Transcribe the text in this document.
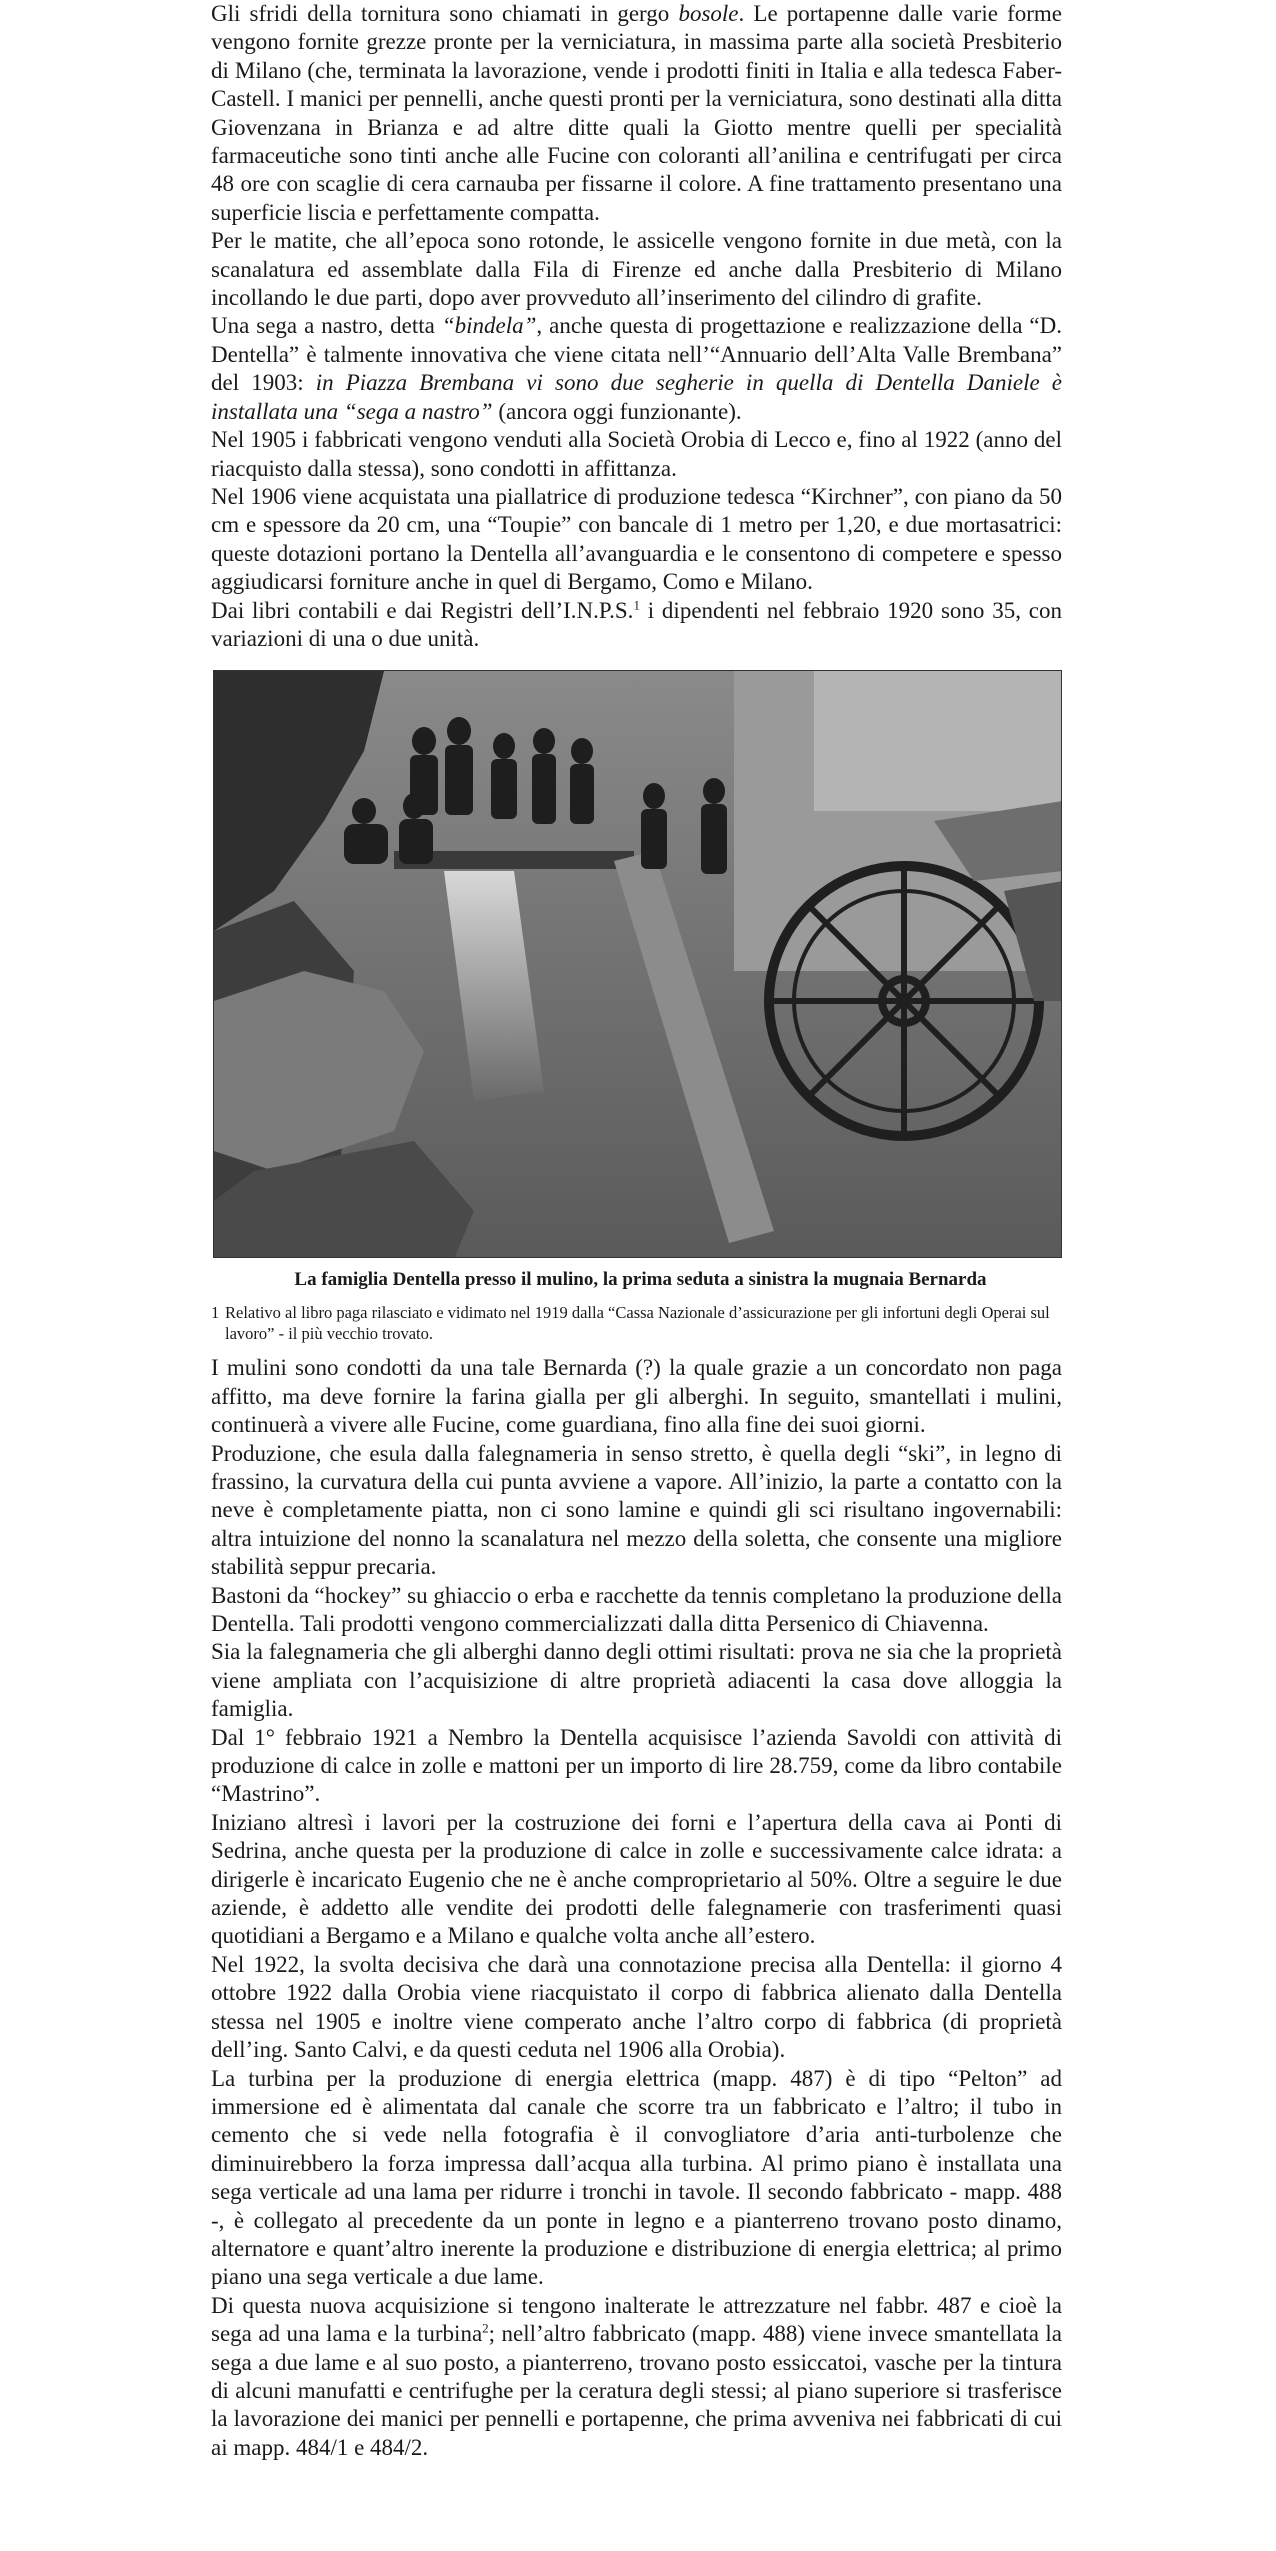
Gli sfridi della tornitura sono chiamati in gergo bosole. Le portapenne dalle varie forme vengono fornite grezze pronte per la verniciatura, in massima parte alla società Presbiterio di Milano (che, terminata la lavorazione, vende i prodotti finiti in Italia e alla tedesca Faber-Castell. I manici per pennelli, anche questi pronti per la verniciatura, sono destinati alla ditta Giovenzana in Brianza e ad altre ditte quali la Giotto mentre quelli per specialità farmaceutiche sono tinti anche alle Fucine con coloranti all’anilina e centrifugati per circa 48 ore con scaglie di cera carnauba per fissarne il colore. A fine trattamento presentano una superficie liscia e perfettamente compatta.

Per le matite, che all’epoca sono rotonde, le assicelle vengono fornite in due metà, con la scanalatura ed assemblate dalla Fila di Firenze ed anche dalla Presbiterio di Milano incollando le due parti, dopo aver provveduto all’inserimento del cilindro di grafite.

Una sega a nastro, detta “bindela”, anche questa di progettazione e realizzazione della “D. Dentella” è talmente innovativa che viene citata nell’“Annuario dell’Alta Valle Brembana” del 1903: in Piazza Brembana vi sono due segherie in quella di Dentella Daniele è installata una “sega a nastro” (ancora oggi funzionante).

Nel 1905 i fabbricati vengono venduti alla Società Orobia di Lecco e, fino al 1922 (anno del riacquisto dalla stessa), sono condotti in affittanza.

Nel 1906 viene acquistata una piallatrice di produzione tedesca “Kirchner”, con piano da 50 cm e spessore da 20 cm, una “Toupie” con bancale di 1 metro per 1,20, e due mortasatrici: queste dotazioni portano la Dentella all’avanguardia e le consentono di competere e spesso aggiudicarsi forniture anche in quel di Bergamo, Como e Milano.

Dai libri contabili e dai Registri dell’I.N.P.S.$^1$ i dipendenti nel febbraio 1920 sono 35, con variazioni di una o due unità.

La famiglia Dentella presso il mulino, la prima seduta a sinistra la mugnaia Bernarda
1 Relativo al libro paga rilasciato e vidimato nel 1919 dalla “Cassa Nazionale d’assicurazione per gli infortuni degli Operai sul lavoro” - il più vecchio trovato.

I mulini sono condotti da una tale Bernarda (?) la quale grazie a un concordato non paga affitto, ma deve fornire la farina gialla per gli alberghi. In seguito, smantellati i mulini, continuerà a vivere alle Fucine, come guardiana, fino alla fine dei suoi giorni.

Produzione, che esula dalla falegnameria in senso stretto, è quella degli “ski”, in legno di frassino, la curvatura della cui punta avviene a vapore. All’inizio, la parte a contatto con la neve è completamente piatta, non ci sono lamine e quindi gli sci risultano ingovernabili: altra intuizione del nonno la scanalatura nel mezzo della soletta, che consente una migliore stabilità seppur precaria.

Bastoni da “hockey” su ghiaccio o erba e racchette da tennis completano la produzione della Dentella. Tali prodotti vengono commercializzati dalla ditta Persenico di Chiavenna.

Sia la falegnameria che gli alberghi danno degli ottimi risultati: prova ne sia che la proprietà viene ampliata con l’acquisizione di altre proprietà adiacenti la casa dove alloggia la famiglia.

Dal 1° febbraio 1921 a Nembro la Dentella acquisisce l’azienda Savoldi con attività di produzione di calce in zolle e mattoni per un importo di lire 28.759, come da libro contabile “Mastrino”.

Iniziano altresì i lavori per la costruzione dei forni e l’apertura della cava ai Ponti di Sedrina, anche questa per la produzione di calce in zolle e successivamente calce idrata: a dirigerle è incaricato Eugenio che ne è anche comproprietario al 50%. Oltre a seguire le due aziende, è addetto alle vendite dei prodotti delle falegnamerie con trasferimenti quasi quotidiani a Bergamo e a Milano e qualche volta anche all’estero.

Nel 1922, la svolta decisiva che darà una connotazione precisa alla Dentella: il giorno 4 ottobre 1922 dalla Orobia viene riacquistato il corpo di fabbrica alienato dalla Dentella stessa nel 1905 e inoltre viene comperato anche l’altro corpo di fabbrica (di proprietà dell’ing. Santo Calvi, e da questi ceduta nel 1906 alla Orobia).

La turbina per la produzione di energia elettrica (mapp. 487) è di tipo “Pelton” ad immersione ed è alimentata dal canale che scorre tra un fabbricato e l’altro; il tubo in cemento che si vede nella fotografia è il convogliatore d’aria anti-turbolenze che diminuirebbero la forza impressa dall’acqua alla turbina. Al primo piano è installata una sega verticale ad una lama per ridurre i tronchi in tavole. Il secondo fabbricato - mapp. 488 -, è collegato al precedente da un ponte in legno e a pianterreno trovano posto dinamo, alternatore e quant’altro inerente la produzione e distribuzione di energia elettrica; al primo piano una sega verticale a due lame.

Di questa nuova acquisizione si tengono inalterate le attrezzature nel fabbr. 487 e cioè la sega ad una lama e la turbina$^2$; nell’altro fabbricato (mapp. 488) viene invece smantellata la sega a due lame e al suo posto, a pianterreno, trovano posto essiccatoi, vasche per la tintura di alcuni manufatti e centrifughe per la ceratura degli stessi; al piano superiore si trasferisce la lavorazione dei manici per pennelli e portapenne, che prima avveniva nei fabbricati di cui ai mapp. 484/1 e 484/2.
